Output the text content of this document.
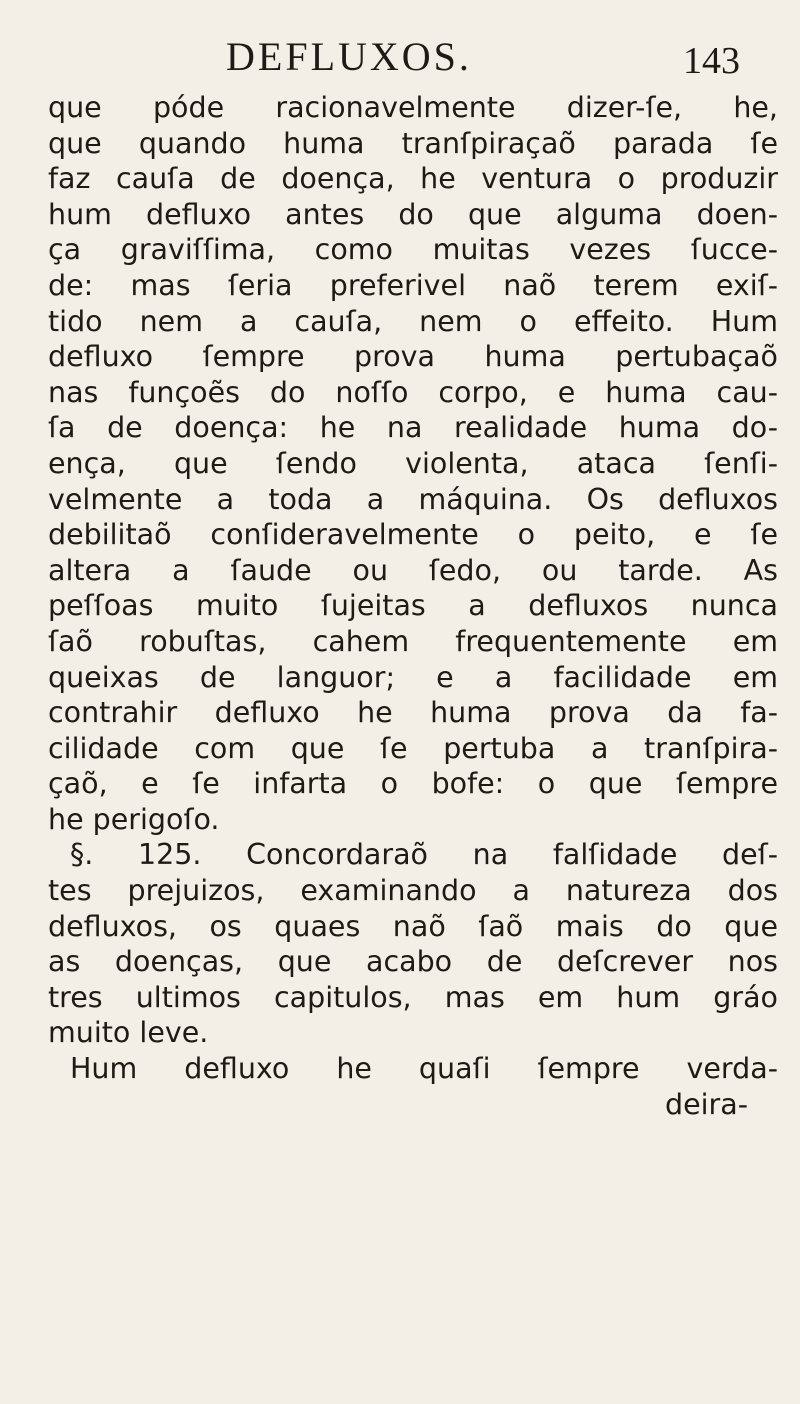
DEFLUXOS.	143
que póde racionavelmente dizer-ſe, he,
que quando huma tranſpiraçaõ parada ſe
faz cauſa de doença, he ventura o produzir
hum defluxo antes do que alguma doen-
ça graviſſima, como muitas vezes ſucce-
de: mas ſeria preferivel naõ terem exiſ-
tido nem a cauſa, nem o effeito. Hum
defluxo ſempre prova huma pertubaçaõ
nas funçoẽs do noſſo corpo, e huma cau-
ſa de doença: he na realidade huma do-
ença, que ſendo violenta, ataca ſenſi-
velmente a toda a máquina. Os defluxos
debilitaõ conſideravelmente o peito, e ſe
altera a ſaude ou ſedo, ou tarde. As
peſſoas muito ſujeitas a defluxos nunca
ſaõ robuſtas, cahem frequentemente em
queixas de languor; e a facilidade em
contrahir defluxo he huma prova da fa-
cilidade com que ſe pertuba a tranſpira-
çaõ, e ſe infarta o bofe: o que ſempre
he perigoſo.
§. 125. Concordaraõ na falſidade deſ-
tes prejuizos, examinando a natureza dos
defluxos, os quaes naõ ſaõ mais do que
as doenças, que acabo de deſcrever nos
tres ultimos capitulos, mas em hum gráo
muito leve.
Hum defluxo he quaſi ſempre verda-
deira-
